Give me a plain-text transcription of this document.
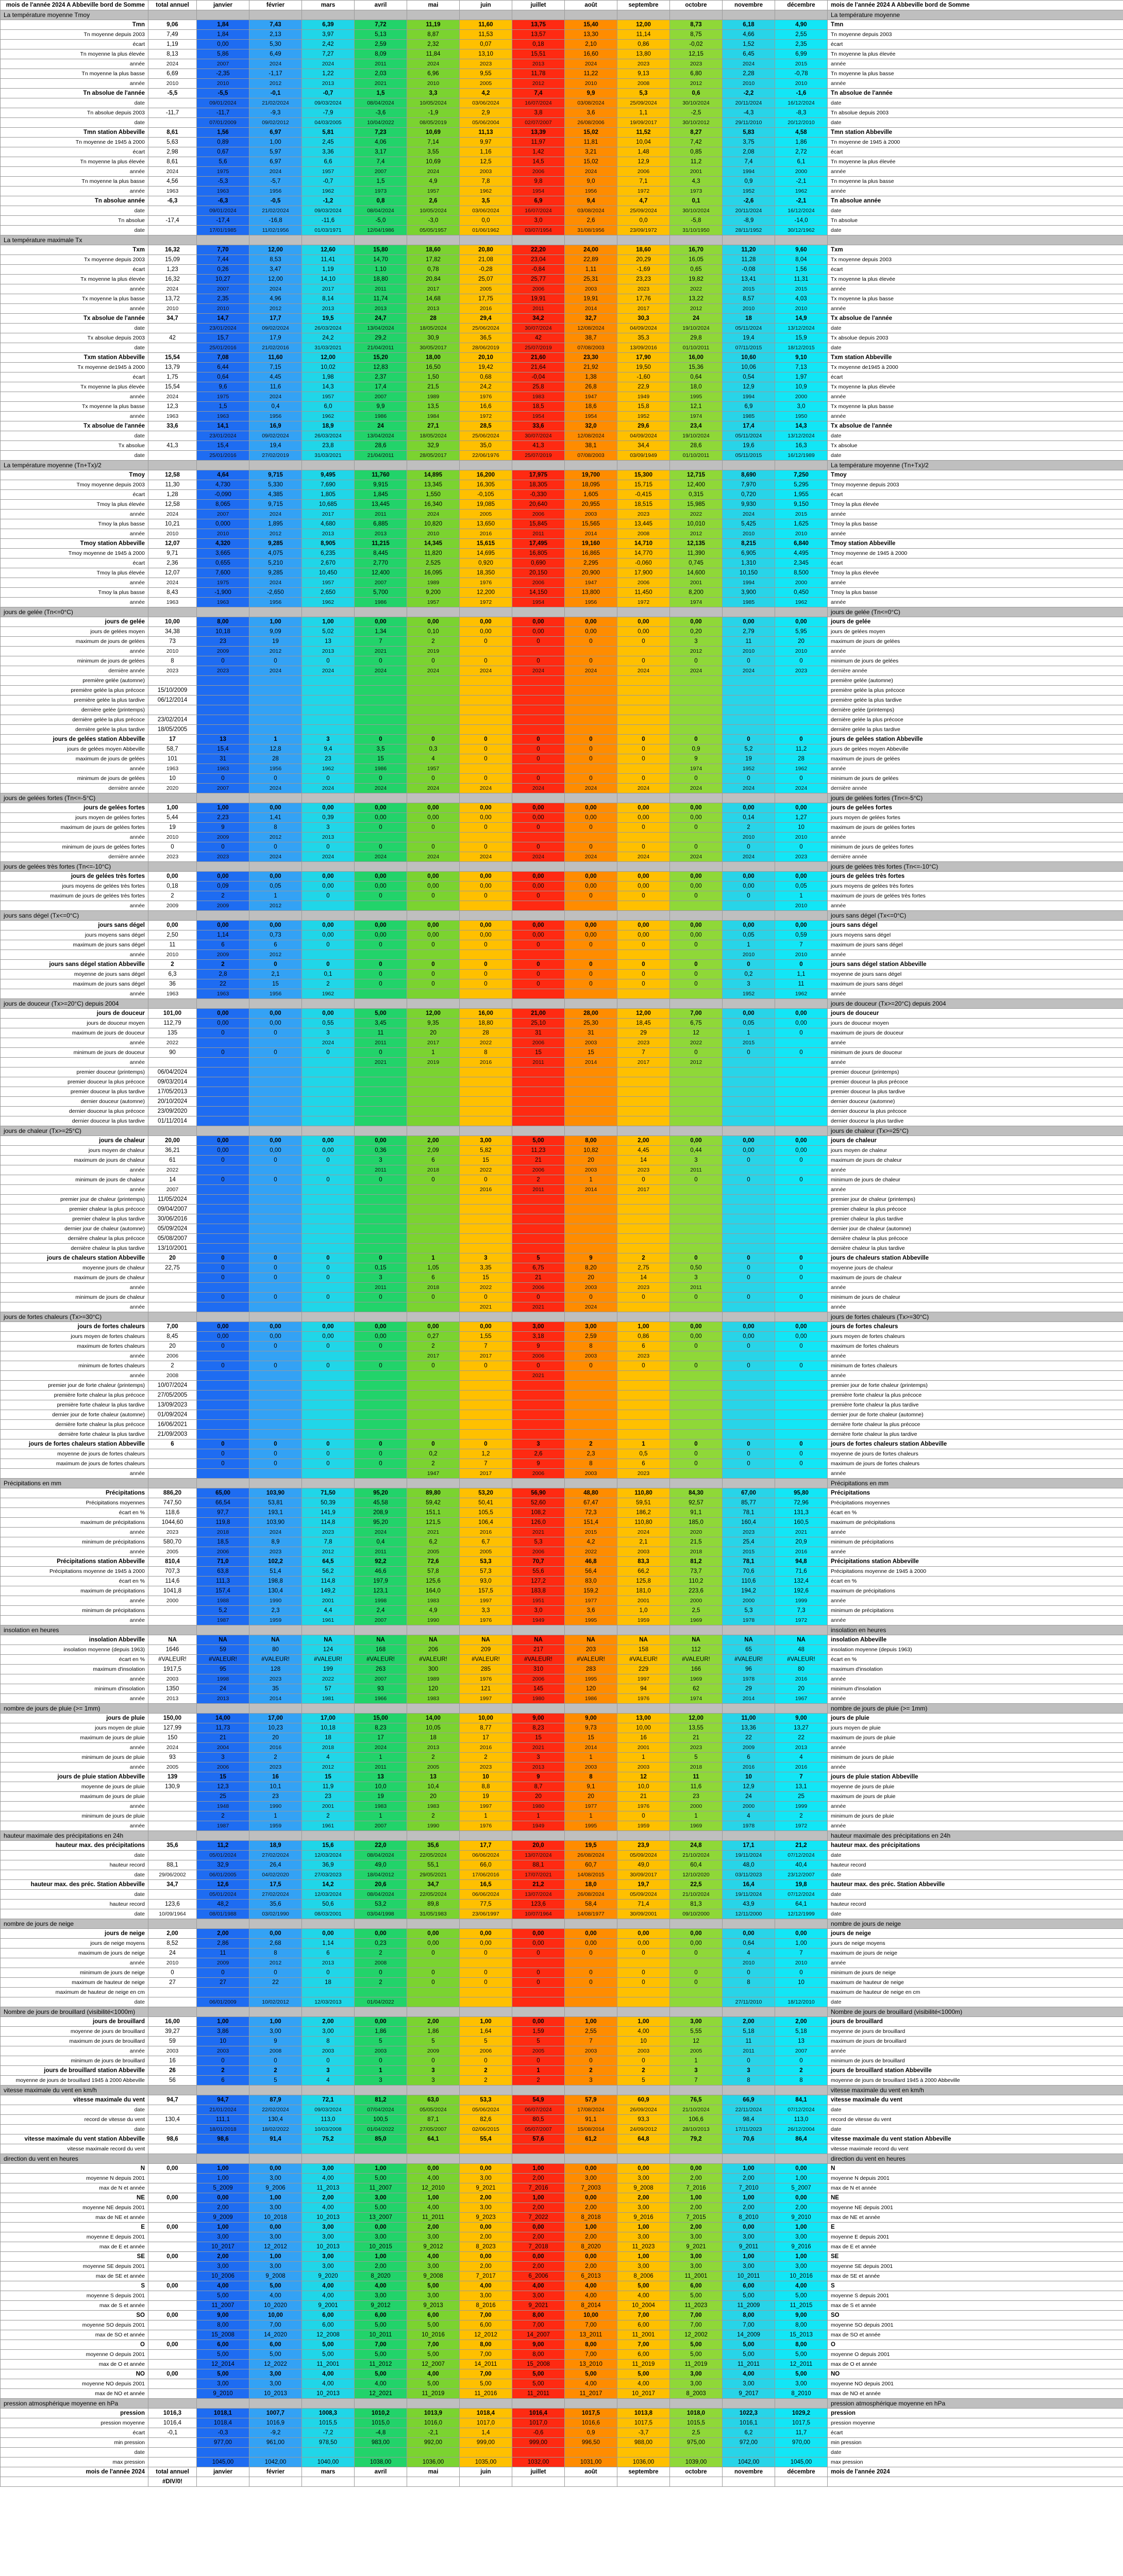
mois de l'année 2024 A Abbeville bord de Somme	total annuel	janvier	février	mars	avril	mai	juin	juillet	août	septembre	octobre	novembre	décembre	mois de l'année 2024 A Abbeville bord de Somme
La température moyenne Tmoy														La température moyenne
Tmn	9,06	1,84	7,43	6,39	7,72	11,19	11,60	13,75	15,40	12,00	8,73	6,18	4,90	Tmn
Tn moyenne depuis 2003	7,49	1,84	2,13	3,97	5,13	8,87	11,53	13,57	13,30	11,14	8,75	4,66	2,55	Tn moyenne depuis 2003
écart	1,19	0,00	5,30	2,42	2,59	2,32	0,07	0,18	2,10	0,86	-0,02	1,52	2,35	écart
Tn moyenne la plus élevée	8,13	5,86	6,49	7,27	8,09	11,84	13,10	15,51	16,60	13,80	12,15	6,45	6,99	Tn moyenne la plus élevée
année	2024	2007	2024	2024	2011	2024	2023	2013	2024	2023	2023	2024	2015	année
Tn moyenne la plus basse	6,69	-2,35	-1,17	1,22	2,03	6,96	9,55	11,78	11,22	9,13	6,80	2,28	-0,78	Tn moyenne la plus basse
année	2010	2010	2012	2013	2021	2010	2005	2012	2010	2008	2012	2010	2010	année
Tn absolue de l'année	-5,5	-5,5	-0,1	-0,7	1,5	3,3	4,2	7,4	9,9	5,3	0,6	-2,2	-1,6	Tn absolue de l'année
date		09/01/2024	21/02/2024	09/03/2024	08/04/2024	10/05/2024	03/06/2024	16/07/2024	03/08/2024	25/09/2024	30/10/2024	20/11/2024	16/12/2024	date
Tn absolue depuis 2003	-11,7	-11,7	-9,3	-7,9	-3,6	-1,9	2,9	3,8	3,6	1,1	-2,5	-4,3	-8,3	Tn absolue depuis 2003
date		07/01/2009	09/02/2012	04/03/2005	10/04/2022	08/05/2019	05/06/2004	02/07/2007	26/08/2006	19/09/2017	30/10/2012	29/11/2010	20/12/2010	date
Tmn station Abbeville	8,61	1,56	6,97	5,81	7,23	10,69	11,13	13,39	15,02	11,52	8,27	5,83	4,58	Tmn station Abbeville
Tn moyenne de 1945 à 2000	5,63	0,89	1,00	2,45	4,06	7,14	9,97	11,97	11,81	10,04	7,42	3,75	1,86	Tn moyenne de 1945 à 2000
écart	2,98	0,67	5,97	3,36	3,17	3,55	1,16	1,42	3,21	1,48	0,85	2,08	2,72	écart
Tn moyenne la plus élevée	8,61	5,6	6,97	6,6	7,4	10,69	12,5	14,5	15,02	12,9	11,2	7,4	6,1	Tn moyenne la plus élevée
année	2024	1975	2024	1957	2007	2024	2003	2006	2024	2006	2001	1994	2000	année
Tn moyenne la plus basse	4,56	-5,3	-5,7	-0,7	1,5	4,9	7,8	9,8	9,0	7,1	4,3	0,9	-2,1	Tn moyenne la plus basse
année	1963	1963	1956	1962	1973	1957	1962	1954	1956	1972	1973	1952	1962	année
Tn absolue année	-6,3	-6,3	-0,5	-1,2	0,8	2,6	3,5	6,9	9,4	4,7	0,1	-2,6	-2,1	Tn absolue année
date		09/01/2024	21/02/2024	09/03/2024	08/04/2024	10/05/2024	03/06/2024	16/07/2024	03/08/2024	25/09/2024	30/10/2024	20/11/2024	16/12/2024	date
Tn absolue	-17,4	-17,4	-16,8	-11,6	-5,0	-3,0	0,0	3,0	2,6	0,0	-5,8	-8,9	-14,0	Tn absolue
date		17/01/1985	11/02/1956	01/03/1971	12/04/1986	05/05/1957	01/06/1962	03/07/1954	31/08/1956	23/09/1972	31/10/1950	28/11/1952	30/12/1962	date
La température maximale Tx														
Txm	16,32	7,70	12,00	12,60	15,80	18,60	20,80	22,20	24,00	18,60	16,70	11,20	9,60	Txm
Tx moyenne depuis 2003	15,09	7,44	8,53	11,41	14,70	17,82	21,08	23,04	22,89	20,29	16,05	11,28	8,04	Tx moyenne depuis 2003
écart	1,23	0,26	3,47	1,19	1,10	0,78	-0,28	-0,84	1,11	-1,69	0,65	-0,08	1,56	écart
Tx moyenne la plus élevée	16,32	10,27	12,00	14,10	18,80	20,84	25,07	25,77	25,31	23,23	19,82	13,41	11,31	Tx moyenne la plus élevée
année	2024	2007	2024	2017	2011	2017	2005	2006	2003	2023	2022	2015	2015	année
Tx moyenne la plus basse	13,72	2,35	4,96	8,14	11,74	14,68	17,75	19,91	19,91	17,76	13,22	8,57	4,03	Tx moyenne la plus basse
année	2010	2010	2012	2013	2013	2013	2016	2011	2014	2017	2012	2010	2010	année
Tx absolue de l'année	34,7	14,7	17,7	19,5	24,7	28	29,4	34,2	32,7	30,3	24	18	14,9	Tx absolue de l'année
date		23/01/2024	09/02/2024	26/03/2024	13/04/2024	18/05/2024	25/06/2024	30/07/2024	12/08/2024	04/09/2024	19/10/2024	05/11/2024	13/12/2024	date
Tx absolue depuis 2003	42	15,7	17,9	24,2	29,2	30,9	36,5	42	38,7	35,3	29,8	19,4	15,9	Tx absolue depuis 2003
date		25/01/2016	21/02/2016	31/03/2021	21/04/2011	30/05/2017	28/06/2019	25/07/2019	07/08/2003	13/09/2016	01/10/2011	07/11/2015	18/12/2015	date
Txm station Abbeville	15,54	7,08	11,60	12,00	15,20	18,00	20,10	21,60	23,30	17,90	16,00	10,60	9,10	Txm station Abbeville
Tx moyenne de1945 à 2000	13,79	6,44	7,15	10,02	12,83	16,50	19,42	21,64	21,92	19,50	15,36	10,06	7,13	Tx moyenne de1945 à 2000
écart	1,75	0,64	4,45	1,98	2,37	1,50	0,68	-0,04	1,38	-1,60	0,64	0,54	1,97	écart
Tx moyenne la plus élevée	15,54	9,6	11,6	14,3	17,4	21,5	24,2	25,8	26,8	22,9	18,0	12,9	10,9	Tx moyenne la plus élevée
année	2024	1975	2024	1957	2007	1989	1976	1983	1947	1949	1995	1994	2000	année
Tx moyenne la plus basse	12,3	1,5	0,4	6,0	9,9	13,5	16,6	18,5	18,6	15,8	12,1	6,9	3,0	Tx moyenne la plus basse
année	1963	1963	1956	1962	1986	1984	1972	1954	1954	1952	1974	1985	1950	année
Tx absolue de l'année	33,6	14,1	16,9	18,9	24	27,1	28,5	33,6	32,0	29,6	23,4	17,4	14,3	Tx absolue de l'année
date		23/01/2024	09/02/2024	26/03/2024	13/04/2024	18/05/2024	25/06/2024	30/07/2024	12/08/2024	04/09/2024	19/10/2024	05/11/2024	13/12/2024	date
Tx absolue	41,3	15,4	19,4	23,8	28,6	32,9	35,0	41,3	38,1	34,4	28,6	19,6	16,3	Tx absolue
date		25/01/2016	27/02/2019	31/03/2021	21/04/2011	28/05/2017	22/06/1976	25/07/2019	07/08/2003	03/09/1949	01/10/2011	05/11/2015	16/12/1989	date
La température moyenne (Tn+Tx)/2														La température moyenne (Tn+Tx)/2
Tmoy	12,58	4,64	9,715	9,495	11,760	14,895	16,200	17,975	19,700	15,300	12,715	8,690	7,250	Tmoy
Tmoy moyenne depuis 2003	11,30	4,730	5,330	7,690	9,915	13,345	16,305	18,305	18,095	15,715	12,400	7,970	5,295	Tmoy moyenne depuis 2003
écart	1,28	-0,090	4,385	1,805	1,845	1,550	-0,105	-0,330	1,605	-0,415	0,315	0,720	1,955	écart
Tmoy la plus élevée	12,58	8,065	9,715	10,685	13,445	16,340	19,085	20,640	20,955	18,515	15,985	9,930	9,150	Tmoy la plus élevée
année	2024	2007	2024	2017	2011	2024	2005	2006	2003	2023	2022	2024	2015	année
Tmoy la plus basse	10,21	0,000	1,895	4,680	6,885	10,820	13,650	15,845	15,565	13,445	10,010	5,425	1,625	Tmoy la plus basse
année	2010	2010	2012	2013	2013	2010	2016	2011	2014	2008	2012	2010	2010	année
Tmoy station Abbeville	12,07	4,320	9,285	8,905	11,215	14,345	15,615	17,495	19,160	14,710	12,135	8,215	6,840	Tmoy station Abbeville
Tmoy moyenne de 1945 à 2000	9,71	3,665	4,075	6,235	8,445	11,820	14,695	16,805	16,865	14,770	11,390	6,905	4,495	Tmoy moyenne de 1945 à 2000
écart	2,36	0,655	5,210	2,670	2,770	2,525	0,920	0,690	2,295	-0,060	0,745	1,310	2,345	écart
Tmoy la plus élevée	12,07	7,600	9,285	10,450	12,400	16,095	18,350	20,150	20,900	17,900	14,600	10,150	8,500	Tmoy la plus élevée
année	2024	1975	2024	1957	2007	1989	1976	2006	1947	2006	2001	1994	2000	année
Tmoy la plus basse	8,43	-1,900	-2,650	2,650	5,700	9,200	12,200	14,150	13,800	11,450	8,200	3,900	0,450	Tmoy la plus basse
année	1963	1963	1956	1962	1986	1957	1972	1954	1956	1972	1974	1985	1962	année
jours de gelée (Tn<=0°C)														jours de gelée (Tn<=0°C)
jours de gelée	10,00	8,00	1,00	1,00	0,00	0,00	0,00	0,00	0,00	0,00	0,00	0,00	0,00	jours de gelée
jours de gelées moyen	34,38	10,18	9,09	5,02	1,34	0,10	0,00	0,00	0,00	0,00	0,20	2,79	5,95	jours de gelées moyen
maximum de jours de gelées	73	23	19	13	7	2	0	0	0	0	3	11	20	maximum de jours de gelées
année	2010	2009	2012	2013	2021	2019					2012	2010	2010	année
minimum de jours de gelées	8	0	0	0	0	0	0	0	0	0	0	0	0	minimum de jours de gelées
dernière année	2023	2023	2024	2024	2024	2024	2024	2024	2024	2024	2024	2024	2023	dernière année
première gelée (automne)														première gelée (automne)
première gelée la plus précoce	15/10/2009													première gelée la plus précoce
première gelée la plus tardive	06/12/2014													première gelée la plus tardive
dernière gelée (printemps)														dernière gelée (printemps)
dernière gelée la plus précoce	23/02/2014													dernière gelée la plus précoce
dernière gelée la plus tardive	18/05/2005													dernière gelée la plus tardive
jours de gelées station Abbeville	17	13	1	3	0	0	0	0	0	0	0	0	0	jours de gelées station Abbeville
jours de gelées moyen Abbeville	58,7	15,4	12,8	9,4	3,5	0,3	0	0	0	0	0,9	5,2	11,2	jours de gelées moyen Abbeville
maximum de jours de gelées	101	31	28	23	15	4	0	0	0	0	9	19	28	maximum de jours de gelées
année	1963	1963	1956	1962	1986	1957					1974	1952	1962	année
minimum de jours de gelées	10	0	0	0	0	0	0	0	0	0	0	0	0	minimum de jours de gelées
dernière année	2020	2007	2024	2024	2024	2024	2024	2024	2024	2024	2024	2024	2024	dernière année
jours de gelées fortes (Tn<=-5°C)														jours de gelées fortes (Tn<=-5°C)
jours de gelées fortes	1,00	1,00	0,00	0,00	0,00	0,00	0,00	0,00	0,00	0,00	0,00	0,00	0,00	jours de gelées fortes
jours moyen de gelées fortes	5,44	2,23	1,41	0,39	0,00	0,00	0,00	0,00	0,00	0,00	0,00	0,14	1,27	jours moyen de gelées fortes
maximum de jours de gelées fortes	19	9	8	3	0	0	0	0	0	0	0	2	10	maximum de jours de gelées fortes
année	2010	2009	2012	2013								2010	2010	année
minimum de jours de gelées fortes	0	0	0	0	0	0	0	0	0	0	0	0	0	minimum de jours de gelées fortes
dernière année	2023	2023	2024	2024	2024	2024	2024	2024	2024	2024	2024	2024	2023	dernière année
jours de gelées très fortes (Tn<=-10°C)														jours de gelées très fortes (Tn<=-10°C)
jours de gelées très fortes	0,00	0,00	0,00	0,00	0,00	0,00	0,00	0,00	0,00	0,00	0,00	0,00	0,00	jours de gelées très fortes
jours moyens de gelées très fortes	0,18	0,09	0,05	0,00	0,00	0,00	0,00	0,00	0,00	0,00	0,00	0,00	0,05	jours moyens de gelées très fortes
maximum de jours de gelées très fortes	2	2	1	0	0	0	0	0	0	0	0	0	1	maximum de jours de gelées très fortes
année	2009	2009	2012										2010	année
jours sans dégel (Tx<=0°C)														jours sans dégel (Tx<=0°C)
jours sans dégel	0,00	0,00	0,00	0,00	0,00	0,00	0,00	0,00	0,00	0,00	0,00	0,00	0,00	jours sans dégel
jours moyens sans dégel	2,50	1,14	0,73	0,00	0,00	0,00	0,00	0,00	0,00	0,00	0,00	0,05	0,59	jours moyens sans dégel
maximum de jours sans dégel	11	6	6	0	0	0	0	0	0	0	0	1	7	maximum de jours sans dégel
année	2010	2009	2012									2010	2010	année
jours sans dégel station Abbeville	2	2	0	0	0	0	0	0	0	0	0	0	0	jours sans dégel station Abbeville
moyenne de jours sans dégel	6,3	2,8	2,1	0,1	0	0	0	0	0	0	0	0,2	1,1	moyenne de jours sans dégel
maximum de jours sans dégel	36	22	15	2	0	0	0	0	0	0	0	3	11	maximum de jours sans dégel
année	1963	1963	1956	1962								1952	1962	année
jours de douceur (Tx>=20°C) depuis 2004														jours de douceur (Tx>=20°C) depuis 2004
jours de douceur	101,00	0,00	0,00	0,00	5,00	12,00	16,00	21,00	28,00	12,00	7,00	0,00	0,00	jours de douceur
jours de douceur moyen	112,79	0,00	0,00	0,55	3,45	9,35	18,80	25,10	25,30	18,45	6,75	0,05	0,00	jours de douceur moyen
maximum de jours de douceur	135	0	0	3	11	20	28	31	31	29	12	1	0	maximum de jours de douceur
année	2022			2024	2011	2017	2022	2006	2003	2023	2022	2015		année
minimum de jours de douceur	90	0	0	0	0	1	8	15	15	7	0	0	0	minimum de jours de douceur
année					2021	2019	2016	2011	2014	2017	2012			année
premier douceur (printemps)	06/04/2024													premier douceur (printemps)
premier douceur la plus précoce	09/03/2014													premier douceur la plus précoce
premier douceur la plus tardive	17/05/2013													premier douceur la plus tardive
dernier douceur (automne)	20/10/2024													dernier douceur (automne)
dernier douceur la plus précoce	23/09/2020													dernier douceur la plus précoce
dernier douceur la plus tardive	01/11/2014													dernier douceur la plus tardive
jours de chaleur (Tx>=25°C)														jours de chaleur (Tx>=25°C)
jours de chaleur	20,00	0,00	0,00	0,00	0,00	2,00	3,00	5,00	8,00	2,00	0,00	0,00	0,00	jours de chaleur
jours moyen de chaleur	36,21	0,00	0,00	0,00	0,36	2,09	5,82	11,23	10,82	4,45	0,44	0,00	0,00	jours moyen de chaleur
maximum de jours de chaleur	61	0	0	0	3	6	15	21	20	14	3	0	0	maximum de jours de chaleur
année	2022				2011	2018	2022	2006	2003	2023	2011			année
minimum de jours de chaleur	14	0	0	0	0	0	0	2	1	0	0	0	0	minimum de jours de chaleur
année	2007						2016	2011	2014	2017				année
premier jour de chaleur (printemps)	11/05/2024													premier jour de chaleur (printemps)
premier chaleur la plus précoce	09/04/2007													premier chaleur la plus précoce
premier chaleur la plus tardive	30/06/2016													premier chaleur la plus tardive
dernier jour de chaleur (automne)	05/09/2024													dernier jour de chaleur (automne)
dernière chaleur la plus précoce	05/08/2007													dernière chaleur la plus précoce
dernière chaleur la plus tardive	13/10/2001													dernière chaleur la plus tardive
jours de chaleurs station Abbeville	20	0	0	0	0	1	3	5	9	2	0	0	0	jours de chaleurs station Abbeville
moyenne jours de chaleur	22,75	0	0	0	0,15	1,05	3,35	6,75	8,20	2,75	0,50	0	0	moyenne jours de chaleur
maximum de jours de chaleur		0	0	0	3	6	15	21	20	14	3	0	0	maximum de jours de chaleur
année					2011	2018	2022	2006	2003	2023	2011			année
minimum de jours de chaleur		0	0	0	0	0	0	0	0	0	0	0	0	minimum de jours de chaleur
année							2021	2021	2024					année
jours de fortes chaleurs (Tx>=30°C)														jours de fortes chaleurs (Tx>=30°C)
jours de fortes chaleurs	7,00	0,00	0,00	0,00	0,00	0,00	0,00	3,00	3,00	1,00	0,00	0,00	0,00	jours de fortes chaleurs
jours moyen de fortes chaleurs	8,45	0,00	0,00	0,00	0,00	0,27	1,55	3,18	2,59	0,86	0,00	0,00	0,00	jours moyen de fortes chaleurs
maximum de fortes chaleurs	20	0	0	0	0	2	7	9	8	6	0	0	0	maximum de fortes chaleurs
année	2006					2017	2017	2006	2003	2023				année
minimum de fortes chaleurs	2	0	0	0	0	0	0	0	0	0	0	0	0	minimum de fortes chaleurs
année	2008							2021						année
premier jour de forte chaleur (printemps)	10/07/2024													premier jour de forte chaleur (printemps)
première forte chaleur la plus précoce	27/05/2005													première forte chaleur la plus précoce
première forte chaleur la plus tardive	13/09/2023													première forte chaleur la plus tardive
dernier jour de forte chaleur (automne)	01/09/2024													dernier jour de forte chaleur (automne)
dernière forte chaleur la plus précoce	16/06/2021													dernière forte chaleur la plus précoce
dernière forte chaleur la plus tardive	21/09/2003													dernière forte chaleur la plus tardive
jours de fortes chaleurs station Abbeville	6	0	0	0	0	0	0	3	2	1	0	0	0	jours de fortes chaleurs station Abbeville
moyenne de jours de fortes chaleurs		0	0	0	0	0,2	1,2	2,6	2,3	0,5	0	0	0	moyenne de jours de fortes chaleurs
maximum de jours de fortes chaleurs		0	0	0	0	2	7	9	8	6	0	0	0	maximum de jours de fortes chaleurs
année						1947	2017	2006	2003	2023				année
Précipitations en mm														Précipitations en mm
Précipitations	886,20	65,00	103,90	71,50	95,20	89,80	53,20	56,90	48,80	110,80	84,30	67,00	95,80	Précipitations
Précipitations moyennes	747,50	66,54	53,81	50,39	45,58	59,42	50,41	52,60	67,47	59,51	92,57	85,77	72,96	Précipitations moyennes
écart en %	118,6	97,7	193,1	141,9	208,9	151,1	105,5	108,2	72,3	186,2	91,1	78,1	131,3	écart en %
maximum de précipitations	1044,60	119,8	103,90	114,8	95,20	121,5	106,4	126,0	151,4	110,80	185,0	160,4	160,5	maximum de précipitations
année	2023	2018	2024	2023	2024	2021	2016	2021	2015	2024	2020	2023	2021	année
minimum de précipitations	580,70	18,5	8,9	7,8	0,4	6,2	6,7	5,3	4,2	2,1	21,5	25,4	20,9	minimum de précipitations
année	2005	2006	2023	2012	2011	2005	2005	2006	2022	2003	2018	2015	2016	année
Précipitations station Abbeville	810,4	71,0	102,2	64,5	92,2	72,6	53,3	70,7	46,8	83,3	81,2	78,1	94,8	Précipitations station Abbeville
Précipitations moyenne de 1945 à 2000	707,3	63,8	51,4	56,2	46,6	57,8	57,3	55,6	56,4	66,2	73,7	70,6	71,6	Précipitations moyenne de 1945 à 2000
écart en %	114,6	111,3	198,8	114,8	197,9	125,6	93,0	127,2	83,0	125,8	110,2	110,6	132,4	écart en %
maximum de précipitations	1041,8	157,4	130,4	149,2	123,1	164,0	157,5	183,8	159,2	181,0	223,6	194,2	192,6	maximum de précipitations
année	2000	1988	1990	2001	1998	1983	1997	1951	1977	2001	2000	2000	1999	année
minimum de précipitations		5,2	2,3	4,4	2,4	4,9	3,3	3,0	3,6	1,0	2,5	5,3	7,3	minimum de précipitations
année		1987	1959	1961	2007	1990	1976	1949	1995	1959	1969	1978	1972	année
insolation en heures														insolation en heures
insolation Abbeville	NA	NA	NA	NA	NA	NA	NA	NA	NA	NA	NA	NA	NA	insolation Abbeville
insolation moyenne (depuis 1963)	1646	59	80	124	168	206	209	217	203	158	112	65	48	insolation moyenne (depuis 1963)
écart en %	#VALEUR!	#VALEUR!	#VALEUR!	#VALEUR!	#VALEUR!	#VALEUR!	#VALEUR!	#VALEUR!	#VALEUR!	#VALEUR!	#VALEUR!	#VALEUR!	#VALEUR!	écart en %
maximum d'insolation	1917,5	95	128	199	263	300	285	310	283	229	166	96	80	maximum d'insolation
année	2003	1998	2023	2022	2007	1989	1976	2006	1995	1997	1969	1978	2016	année
minimum d'insolation	1350	24	35	57	93	120	121	145	120	94	62	29	20	minimum d'insolation
année	2013	2013	2014	1981	1966	1983	1997	1980	1986	1976	1974	2014	1967	année
nombre de jours de pluie (>= 1mm)														nombre de jours de pluie (>= 1mm)
jours de pluie	150,00	14,00	17,00	17,00	15,00	14,00	10,00	9,00	9,00	13,00	12,00	11,00	9,00	jours de pluie
jours moyen de pluie	127,99	11,73	10,23	10,18	8,23	10,05	8,77	8,23	9,73	10,00	13,55	13,36	13,27	jours moyen de pluie
maximum de jours de pluie	150	21	20	18	17	18	17	15	15	16	21	22	22	maximum de jours de pluie
année	2024	2004	2016	2018	2024	2013	2016	2021	2014	2001	2023	2009	2013	année
minimum de jours de pluie	93	3	2	4	1	2	2	3	1	1	5	6	4	minimum de jours de pluie
année	2005	2006	2023	2012	2011	2005	2023	2013	2003	2003	2018	2016	2016	année
jours de pluie station Abbeville	139	15	16	15	13	13	10	9	8	12	11	10	7	jours de pluie station Abbeville
moyenne de jours de pluie	130,9	12,3	10,1	11,9	10,0	10,4	8,8	8,7	9,1	10,0	11,6	12,9	13,1	moyenne de jours de pluie
maximum de jours de pluie		25	23	23	19	20	19	20	20	21	23	24	25	maximum de jours de pluie
année		1948	1990	2001	1983	1983	1997	1980	1977	1976	2000	2000	1999	année
minimum de jours de pluie		2	1	2	1	2	1	1	1	0	1	4	2	minimum de jours de pluie
année		1987	1959	1961	2007	1990	1976	1949	1995	1959	1969	1978	1972	année
hauteur maximale des précipitations en 24h														hauteur maximale des précipitations en 24h
hauteur max. des précipitations	35,6	11,2	18,9	15,6	22,0	35,6	17,7	20,0	19,5	23,9	24,8	17,1	21,2	hauteur max. des précipitations
date		05/01/2024	27/02/2024	12/03/2024	08/04/2024	22/05/2024	06/06/2024	13/07/2024	26/08/2024	05/09/2024	21/10/2024	19/11/2024	07/12/2024	date
hauteur record	88,1	32,9	26,4	36,9	49,0	55,1	66,0	88,1	60,7	49,0	60,4	48,0	40,4	hauteur record
date	29/06/2002	06/01/2005	04/02/2020	27/03/2023	18/04/2012	29/05/2021	17/06/2016	17/07/2021	14/08/2015	30/09/2017	12/10/2020	03/11/2023	23/12/2007	date
hauteur max. des préc. Station Abbeville	34,7	12,6	17,5	14,2	20,6	34,7	16,5	21,2	18,0	19,7	22,5	16,4	19,8	hauteur max. des préc. Station Abbeville
date		05/01/2024	27/02/2024	12/03/2024	08/04/2024	22/05/2024	06/06/2024	13/07/2024	26/08/2024	05/09/2024	21/10/2024	19/11/2024	07/12/2024	date
hauteur record	123,6	48,2	35,6	50,6	53,2	89,8	77,5	123,6	58,4	71,4	81,3	43,9	64,1	hauteur record
date	10/09/1964	08/01/1988	03/02/1990	08/03/2001	03/04/1998	31/05/1983	23/06/1997	10/07/1964	14/08/1977	30/09/2001	09/10/2000	12/11/2000	12/12/1999	date
nombre de jours de neige														nombre de jours de neige
jours de neige	2,00	2,00	0,00	0,00	0,00	0,00	0,00	0,00	0,00	0,00	0,00	0,00	0,00	jours de neige
jours de neige moyens	8,52	2,86	2,68	1,14	0,23	0,00	0,00	0,00	0,00	0,00	0,00	0,64	1,00	jours de neige moyens
maximum de jours de neige	24	11	8	6	2	0	0	0	0	0	0	4	7	maximum de jours de neige
année	2010	2009	2012	2013	2008							2010	2010	année
minimum de jours de neige	0	0	0	0	0	0	0	0	0	0	0	0	0	minimum de jours de neige
maximum de hauteur de neige	27	27	22	18	2	0	0	0	0	0	0	8	10	maximum de hauteur de neige
maximum de hauteur de neige en cm														maximum de hauteur de neige en cm
date		06/01/2009	10/02/2012	12/03/2013	01/04/2022							27/11/2010	18/12/2010	date
Nombre de jours de brouillard (visibilité<1000m)														Nombre de jours de brouillard (visibilité<1000m)
jours de brouillard	16,00	1,00	1,00	2,00	0,00	2,00	1,00	0,00	1,00	1,00	3,00	2,00	2,00	jours de brouillard
moyenne de jours de brouillard	39,27	3,86	3,00	3,00	1,86	1,86	1,64	1,59	2,55	4,00	5,55	5,18	5,18	moyenne de jours de brouillard
maximum de jours de brouillard	59	10	9	8	5	5	5	5	7	10	12	11	13	maximum de jours de brouillard
année	2003	2003	2008	2003	2003	2009	2006	2005	2003	2003	2005	2011	2007	année
minimum de jours de brouillard	16	0	0	0	0	0	0	0	0	0	1	0	0	minimum de jours de brouillard
jours de brouillard station Abbeville	26	2	2	3	1	3	2	1	2	2	3	3	2	jours de brouillard station Abbeville
moyenne de jours de brouillard 1945 à 2000 Abbeville	56	6	5	4	3	3	2	2	3	5	7	8	8	moyenne de jours de brouillard 1945 à 2000 Abbeville
vitesse maximale du vent en km/h														vitesse maximale du vent en km/h
vitesse maximale du vent	94,7	94,7	87,9	72,1	81,2	63,0	53,3	54,9	57,9	60,9	76,5	66,9	84,1	vitesse maximale du vent
date		21/01/2024	22/02/2024	09/03/2024	07/04/2024	05/05/2024	05/06/2024	06/07/2024	17/08/2024	26/09/2024	21/10/2024	22/11/2024	07/12/2024	date
record de vitesse du vent	130,4	111,1	130,4	113,0	100,5	87,1	82,6	80,5	91,1	93,3	106,6	98,4	113,0	record de vitesse du vent
date		18/01/2018	18/02/2022	10/03/2008	01/04/2022	27/05/2007	02/06/2015	05/07/2007	15/08/2014	24/09/2012	28/10/2013	17/11/2023	26/12/2004	date
vitesse maximale du vent station Abbeville	98,6	98,6	91,4	75,2	85,0	64,1	55,4	57,6	61,2	64,8	79,2	70,6	86,4	vitesse maximale du vent station Abbeville
vitesse maximale record du vent														vitesse maximale record du vent
direction du vent en heures														direction du vent en heures
N	0,00	1,00	0,00	3,00	1,00	0,00	0,00	1,00	0,00	0,00	0,00	1,00	0,00	N
moyenne N depuis 2001		1,00	3,00	4,00	5,00	4,00	3,00	2,00	3,00	3,00	2,00	2,00	1,00	moyenne N depuis 2001
max de N et année		5_2009	9_2006	11_2013	11_2007	12_2010	9_2021	7_2016	7_2003	9_2008	7_2016	7_2010	5_2007	max de N et année
NE	0,00	0,00	1,00	2,00	3,00	1,00	2,00	1,00	0,00	2,00	1,00	1,00	0,00	NE
moyenne NE depuis 2001		2,00	3,00	4,00	5,00	4,00	3,00	2,00	2,00	3,00	2,00	2,00	2,00	moyenne NE depuis 2001
max de NE et année		9_2009	10_2018	10_2013	13_2007	11_2011	9_2023	7_2022	8_2018	9_2016	7_2015	8_2010	9_2010	max de NE et année
E	0,00	1,00	0,00	3,00	0,00	2,00	0,00	0,00	1,00	1,00	2,00	0,00	1,00	E
moyenne E depuis 2001		3,00	3,00	3,00	3,00	3,00	2,00	2,00	2,00	3,00	3,00	3,00	3,00	moyenne E depuis 2001
max de E et année		10_2017	12_2012	10_2013	10_2015	9_2012	8_2023	7_2018	8_2020	11_2023	9_2021	9_2011	9_2016	max de E et année
SE	0,00	2,00	1,00	3,00	1,00	4,00	0,00	0,00	0,00	1,00	3,00	1,00	1,00	SE
moyenne SE depuis 2001		3,00	3,00	3,00	2,00	3,00	2,00	2,00	2,00	3,00	3,00	3,00	3,00	moyenne SE depuis 2001
max de SE et année		10_2006	9_2008	9_2020	8_2020	9_2008	7_2017	6_2006	6_2013	8_2006	11_2001	10_2011	10_2016	max de SE et année
S	0,00	4,00	5,00	4,00	4,00	5,00	4,00	4,00	4,00	5,00	6,00	6,00	4,00	S
moyenne S depuis 2001		5,00	4,00	4,00	3,00	3,00	3,00	3,00	4,00	4,00	5,00	5,00	5,00	moyenne S depuis 2001
max de S et année		11_2007	10_2020	9_2001	9_2012	9_2013	8_2016	9_2021	8_2014	10_2004	11_2023	11_2009	11_2015	max de S et année
SO	0,00	9,00	10,00	6,00	6,00	6,00	7,00	8,00	10,00	7,00	7,00	8,00	9,00	SO
moyenne SO depuis 2001		8,00	7,00	6,00	5,00	5,00	6,00	7,00	7,00	6,00	7,00	7,00	8,00	moyenne SO depuis 2001
max de SO et année		15_2008	14_2020	12_2008	10_2011	10_2016	12_2012	14_2007	13_2011	11_2001	12_2002	14_2009	15_2013	max de SO et année
O	0,00	6,00	6,00	5,00	7,00	7,00	8,00	9,00	8,00	7,00	5,00	5,00	8,00	O
moyenne O depuis 2001		5,00	5,00	5,00	5,00	5,00	7,00	8,00	7,00	6,00	5,00	5,00	5,00	moyenne O depuis 2001
max de O et année		12_2014	12_2022	11_2001	11_2012	12_2007	14_2011	15_2008	13_2010	11_2019	11_2019	11_2011	12_2011	max de O et année
NO	0,00	5,00	3,00	4,00	5,00	4,00	7,00	5,00	5,00	5,00	3,00	4,00	5,00	NO
moyenne NO depuis 2001		3,00	3,00	4,00	4,00	5,00	5,00	5,00	4,00	4,00	3,00	3,00	3,00	moyenne NO depuis 2001
max de NO et année		9_2010	10_2013	10_2013	12_2021	11_2019	11_2016	11_2011	11_2017	10_2017	8_2003	9_2017	8_2010	max de NO et année
pression atmosphérique moyenne en hPa														pression atmosphérique moyenne en hPa
pression	1016,3	1018,1	1007,7	1008,3	1010,2	1013,9	1018,4	1016,4	1017,5	1013,8	1018,0	1022,3	1029,2	pression
pression moyenne	1016,4	1018,4	1016,9	1015,5	1015,0	1016,0	1017,0	1017,0	1016,6	1017,5	1015,5	1016,1	1017,5	pression moyenne
écart	-0,1	-0,3	-9,2	-7,2	-4,8	-2,1	1,4	-0,6	0,9	-3,7	2,5	6,2	11,7	écart
min pression		977,00	961,00	978,50	983,00	992,00	999,00	999,00	996,50	988,00	975,00	972,00	970,00	min pression
date														date
max pression		1045,00	1042,00	1040,00	1038,00	1036,00	1035,00	1032,00	1031,00	1036,00	1039,00	1042,00	1045,00	max pression
mois de l'année 2024	total annuel	janvier	février	mars	avril	mai	juin	juillet	août	septembre	octobre	novembre	décembre	mois de l'année 2024
	#DIV/0!													
